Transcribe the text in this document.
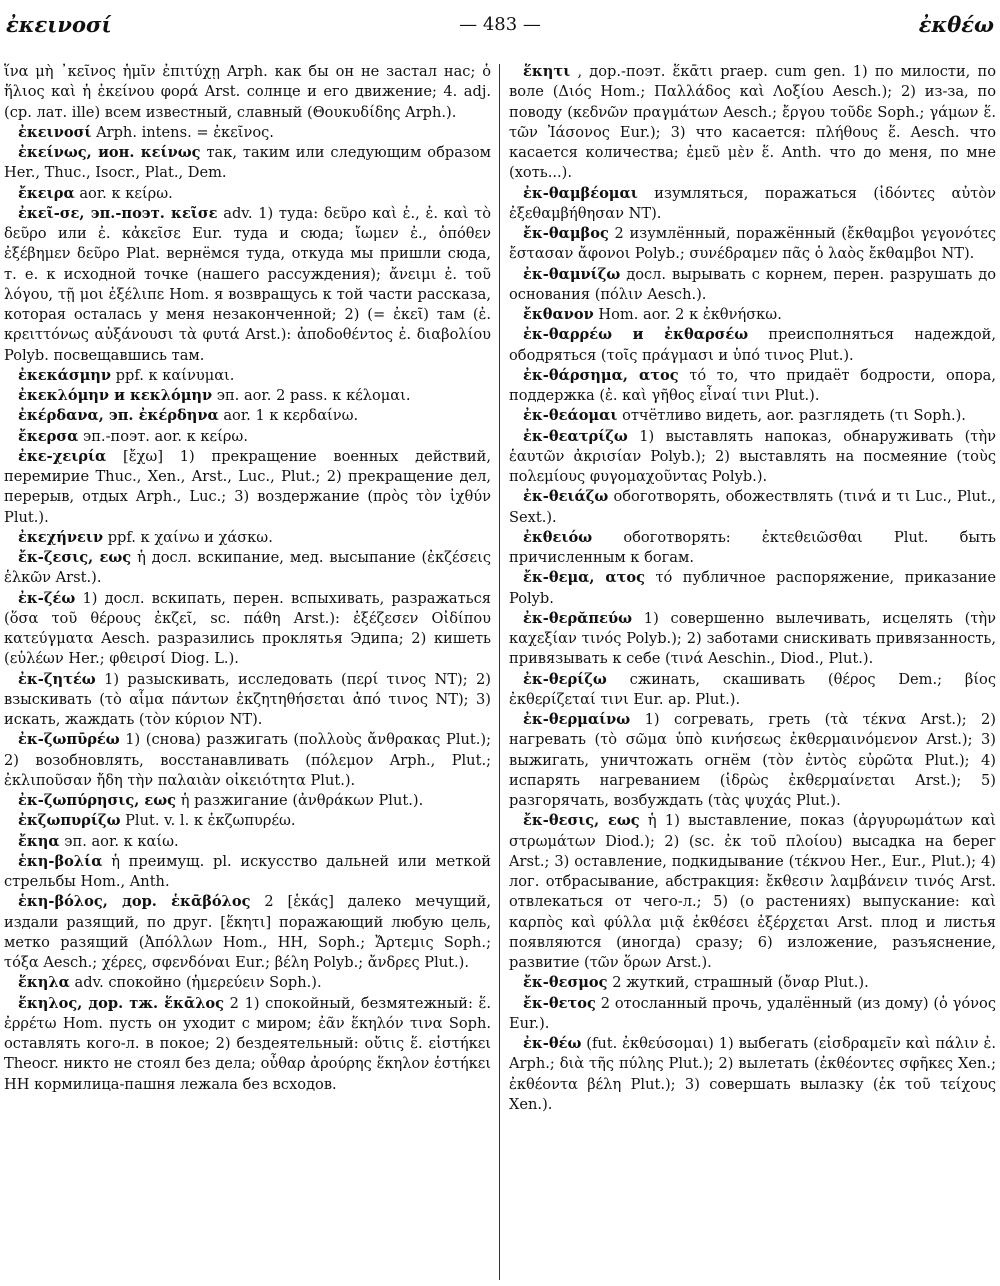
ἐκεινοσί	— 483 —	ἐκθέω

ἵνα μὴ ᾿κεῖνος ἡμῖν ἐπιτύχῃ Arph. как бы он не застал нас; ὁ ἥλιος καὶ ἡ ἐκείνου φορά Arst. солнце и его движение; 4. adj. (ср. лат. ille) всем известный, славный (Θουκυδίδης Arph.).

ἐκεινοσί Arph. intens. = ἐκεῖνος.

ἐκείνως, ион. κείνως так, таким или следующим образом Her., Thuc., Isocr., Plat., Dem.

ἔκειρα aor. к κείρω.

ἐκεῖ-σε, эп.-поэт. κεῖσε adv. 1) туда: δεῦρο καὶ ἐ., ἐ. καὶ τὸ δεῦρο или ἐ. κἀκεῖσε Eur. туда и сюда; ἴωμεν ἐ., ὁπόθεν ἐξέβημεν δεῦρο Plat. вернёмся туда, откуда мы пришли сюда, т. е. к исходной точке (нашего рассуждения); ἄνειμι ἐ. τοῦ λόγου, τῇ μοι ἐξέλιπε Hom. я возвращусь к той части рассказа, которая осталась у меня незаконченной; 2) (= ἐκεῖ) там (ἐ. κρειττόνως αὐξάνουσι τὰ φυτά Arst.): ἀποδοθέντος ἐ. διαβολίου Polyb. посвещавшись там.

ἐκεκάσμην ppf. к καίνυμαι.

ἐκεκλόμην и κεκλόμην эп. aor. 2 pass. к κέλομαι.

ἐκέρδανα, эп. ἐκέρδηνα aor. 1 к κερδαίνω.

ἔκερσα эп.-поэт. aor. к κείρω.

ἐκε-χειρία [ἔχω] 1) прекращение военных действий, перемирие Thuc., Xen., Arst., Luc., Plut.; 2) прекращение дел, перерыв, отдых Arph., Luc.; 3) воздержание (πρὸς τὸν ἰχθύν Plut.).

ἐκεχήνειν ppf. к χαίνω и χάσκω.

ἔκ-ζεσις, εως ἡ досл. вскипание, мед. высыпание (ἐκζέσεις ἑλκῶν Arst.).

ἐκ-ζέω 1) досл. вскипать, перен. вспыхивать, разражаться (ὅσα τοῦ θέρους ἐκζεῖ, sc. πάθη Arst.): ἐξέζεσεν Οἰδίπου κατεύγματα Aesch. разразились проклятья Эдипа; 2) кишеть (εὐλέων Her.; φθειρσί Diog. L.).

ἐκ-ζητέω 1) разыскивать, исследовать (περί τινος NT); 2) взыскивать (τὸ αἷμα πάντων ἐκζητηθήσεται ἀπό τινος NT); 3) искать, жаждать (τὸν κύριον NT).

ἐκ-ζωπῡρέω 1) (снова) разжигать (πολλοὺς ἄνθρακας Plut.); 2) возобновлять, восстанавливать (πόλεμον Arph., Plut.; ἐκλιποῦσαν ἤδη τὴν παλαιὰν οἰκειότητα Plut.).

ἐκ-ζωπύρησις, εως ἡ разжигание (ἀνθράκων Plut.).

ἐκζωπυρίζω Plut. v. l. к ἐκζωπυρέω.

ἔκηα эп. aor. к καίω.

ἑκη-βολία ἡ преимущ. pl. искусство дальней или меткой стрельбы Hom., Anth.

ἑκη-βόλος, дор. ἑκᾱβόλος 2 [ἑκάς] далеко мечущий, издали разящий, по друг. [ἕκητι] поражающий любую цель, метко разящий (Ἀπόλλων Hom., HH, Soph.; Ἄρτεμις Soph.; τόξα Aesch.; χέρες, σφενδόναι Eur.; βέλη Polyb.; ἄνδρες Plut.).

ἕκηλα adv. спокойно (ἡμερεύειν Soph.).

ἕκηλος, дор. тж. ἕκᾱλος 2 1) спокойный, безмятежный: ἕ. ἐρρέτω Hom. пусть он уходит с миром; ἐᾶν ἕκηλόν τινα Soph. оставлять кого-л. в покое; 2) бездеятельный: οὔτις ἕ. εἱστήκει Theocr. никто не стоял без дела; οὖθαρ ἀρούρης ἕκηλον ἑστήκει HH кормилица-пашня лежала без всходов.

ἕκητι , дор.-поэт. ἕκᾱτι praep. cum gen. 1) по милости, по воле (Διός Hom.; Παλλάδος καὶ Λοξίου Aesch.); 2) из-за, по поводу (κεδνῶν πραγμάτων Aesch.; ἔργου τοῦδε Soph.; γάμων ἕ. τῶν Ἰάσονος Eur.); 3) что касается: πλήθους ἕ. Aesch. что касается количества; ἐμεῦ μὲν ἕ. Anth. что до меня, по мне (хоть...).

ἐκ-θαμβέομαι изумляться, поражаться (ἰδόντες αὐτὸν ἐξεθαμβήθησαν NT).

ἔκ-θαμβος 2 изумлённый, поражённый (ἔκθαμβοι γεγονότες ἔστασαν ἄφονοι Polyb.; συνέδραμεν πᾶς ὁ λαὸς ἔκθαμβοι NT).

ἐκ-θαμνίζω досл. вырывать с корнем, перен. разрушать до основания (πόλιν Aesch.).

ἔκθανον Hom. aor. 2 к ἐκθνήσκω.

ἐκ-θαρρέω и ἐκθαρσέω преисполняться надеждой, ободряться (τοῖς πράγμασι и ὑπό τινος Plut.).

ἐκ-θάρσημα, ατος τό то, что придаёт бодрости, опора, поддержка (ἐ. καὶ γῆθος εἶναί τινι Plut.).

ἐκ-θεάομαι отчётливо видеть, aor. разглядеть (τι Soph.).

ἐκ-θεατρίζω 1) выставлять напоказ, обнаруживать (τὴν ἑαυτῶν ἀκρισίαν Polyb.); 2) выставлять на посмеяние (τοὺς πολεμίους φυγομαχοῦντας Polyb.).

ἐκ-θειάζω обоготворять, обожествлять (τινά и τι Luc., Plut., Sext.).

ἐκθειόω обоготворять: ἐκτεθειῶσθαι Plut. быть причисленным к богам.

ἔκ-θεμα, ατος τό публичное распоряжение, приказание Polyb.

ἐκ-θερᾰπεύω 1) совершенно вылечивать, исцелять (τὴν καχεξίαν τινός Polyb.); 2) заботами снискивать привязанность, привязывать к себе (τινά Aeschin., Diod., Plut.).

ἐκ-θερίζω сжинать, скашивать (θέρος Dem.; βίος ἐκθερίζεταί τινι Eur. ap. Plut.).

ἐκ-θερμαίνω 1) согревать, греть (τὰ τέκνα Arst.); 2) нагревать (τὸ σῶμα ὑπὸ κινήσεως ἐκθερμαινόμενον Arst.); 3) выжигать, уничтожать огнём (τὸν ἐντὸς εὐρῶτα Plut.); 4) испарять нагреванием (ἱδρὼς ἐκθερμαίνεται Arst.); 5) разгорячать, возбуждать (τὰς ψυχάς Plut.).

ἔκ-θεσις, εως ἡ 1) выставление, показ (ἀργυρωμάτων καὶ στρωμάτων Diod.); 2) (sc. ἐκ τοῦ πλοίου) высадка на берег Arst.; 3) оставление, подкидывание (τέκνου Her., Eur., Plut.); 4) лог. отбрасывание, абстракция: ἔκθεσιν λαμβάνειν τινός Arst. отвлекаться от чего-л.; 5) (о растениях) выпускание: καὶ καρπὸς καὶ φύλλα μιᾷ ἐκθέσει ἐξέρχεται Arst. плод и листья появляются (иногда) сразу; 6) изложение, разъяснение, развитие (τῶν ὅρων Arst.).

ἔκ-θεσμος 2 жуткий, страшный (ὄναρ Plut.).

ἔκ-θετος 2 отосланный прочь, удалённый (из дому) (ὁ γόνος Eur.).

ἐκ-θέω (fut. ἐκθεύσομαι) 1) выбегать (εἰσδραμεῖν καὶ πάλιν ἐ. Arph.; διὰ τῆς πύλης Plut.); 2) вылетать (ἐκθέοντες σφῆκες Xen.; ἐκθέοντα βέλη Plut.); 3) совершать вылазку (ἐκ τοῦ τείχους Xen.).
